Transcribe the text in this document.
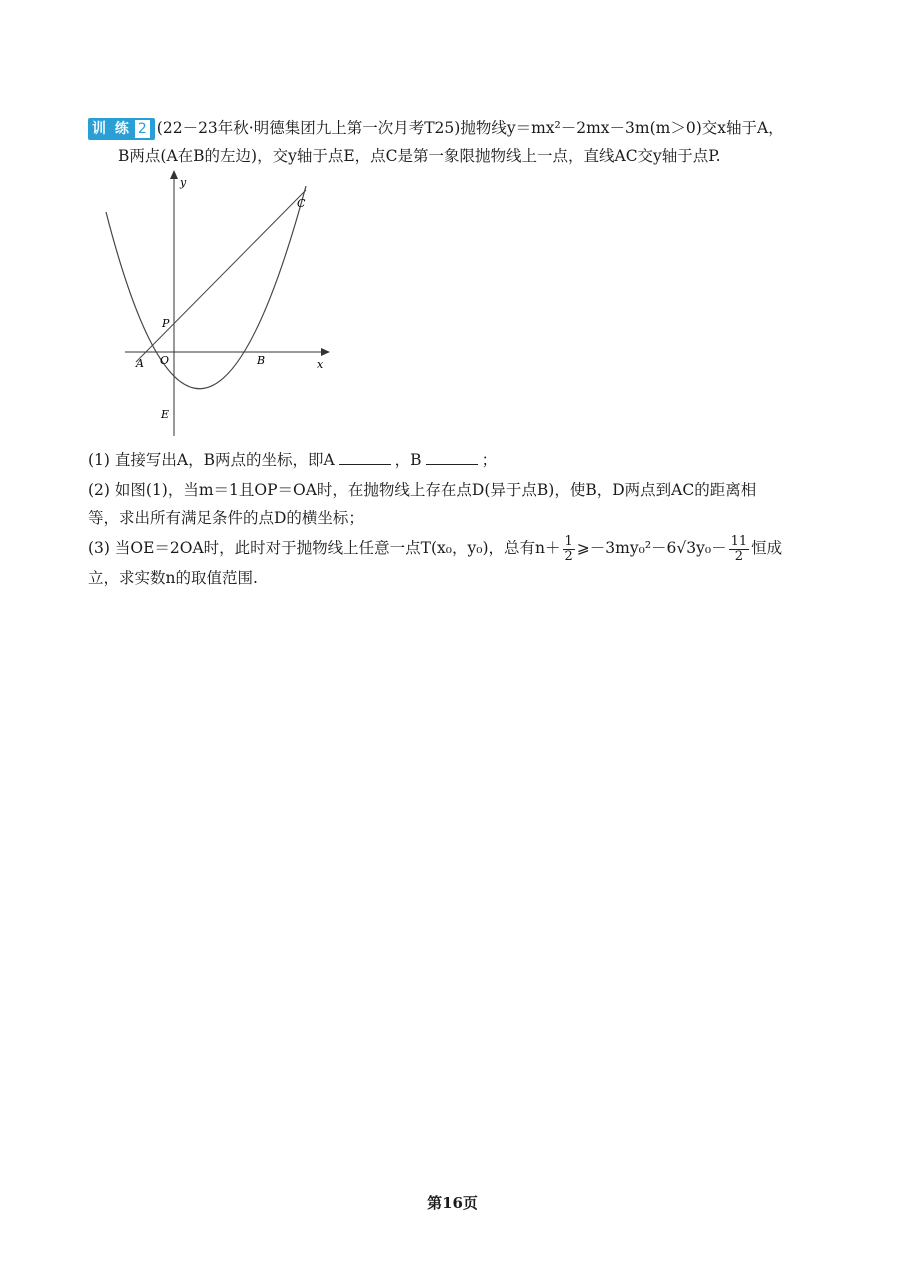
训 练 2 (22－23年秋·明德集团九上第一次月考T25)抛物线y＝mx²－2mx－3m(m＞0)交x轴于A，
B两点(A在B的左边)，交y轴于点E，点C是第一象限抛物线上一点，直线AC交y轴于点P.
y
x
O
A	B
C
P
E
(1) 直接写出A，B两点的坐标，即A	，B	；
(2) 如图(1)，当m＝1且OP＝OA时，在抛物线上存在点D(异于点B)，使B，D两点到AC的距离相
等，求出所有满足条件的点D的横坐标；
(3) 当OE＝2OA时，此时对于抛物线上任意一点T(x₀，y₀)，总有$n+ \frac{1}{2}$ ⩾－3my₀²－6√3y₀－ $\frac{11}{2}$ 恒成
立，求实数n的取值范围.
第16页
